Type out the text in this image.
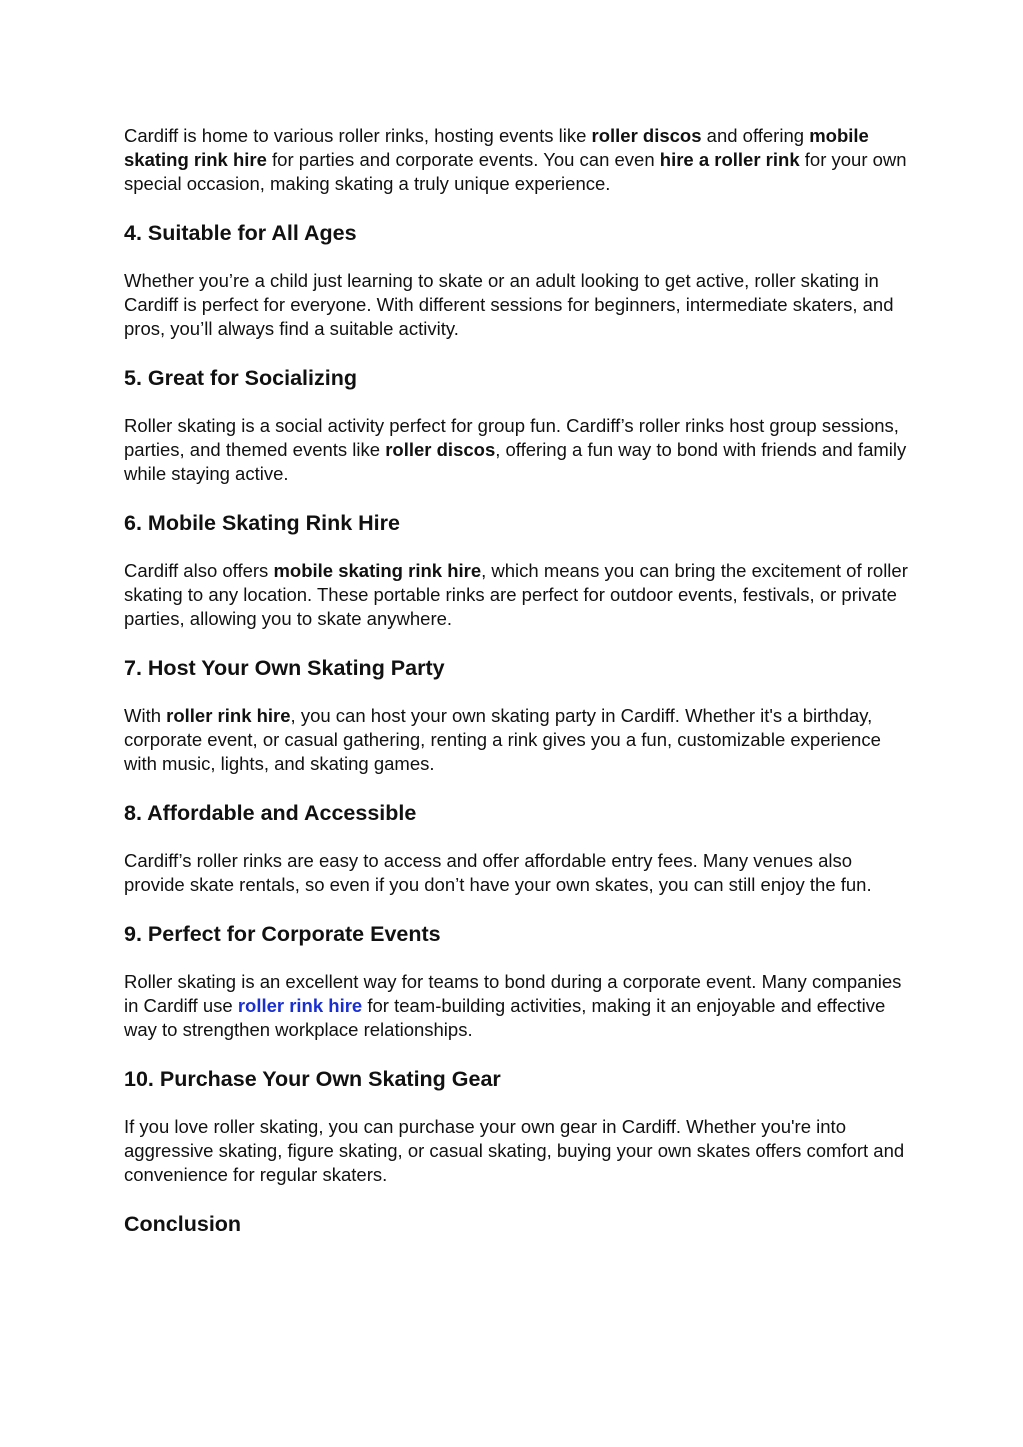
Cardiff is home to various roller rinks, hosting events like roller discos and offering mobile skating rink hire for parties and corporate events. You can even hire a roller rink for your own special occasion, making skating a truly unique experience.

4. Suitable for All Ages

Whether you’re a child just learning to skate or an adult looking to get active, roller skating in Cardiff is perfect for everyone. With different sessions for beginners, intermediate skaters, and pros, you’ll always find a suitable activity.

5. Great for Socializing

Roller skating is a social activity perfect for group fun. Cardiff’s roller rinks host group sessions, parties, and themed events like roller discos, offering a fun way to bond with friends and family while staying active.

6. Mobile Skating Rink Hire

Cardiff also offers mobile skating rink hire, which means you can bring the excitement of roller skating to any location. These portable rinks are perfect for outdoor events, festivals, or private parties, allowing you to skate anywhere.

7. Host Your Own Skating Party

With roller rink hire, you can host your own skating party in Cardiff. Whether it's a birthday, corporate event, or casual gathering, renting a rink gives you a fun, customizable experience with music, lights, and skating games.

8. Affordable and Accessible

Cardiff’s roller rinks are easy to access and offer affordable entry fees. Many venues also provide skate rentals, so even if you don’t have your own skates, you can still enjoy the fun.

9. Perfect for Corporate Events

Roller skating is an excellent way for teams to bond during a corporate event. Many companies in Cardiff use roller rink hire for team-building activities, making it an enjoyable and effective way to strengthen workplace relationships.

10. Purchase Your Own Skating Gear

If you love roller skating, you can purchase your own gear in Cardiff. Whether you're into aggressive skating, figure skating, or casual skating, buying your own skates offers comfort and convenience for regular skaters.

Conclusion
